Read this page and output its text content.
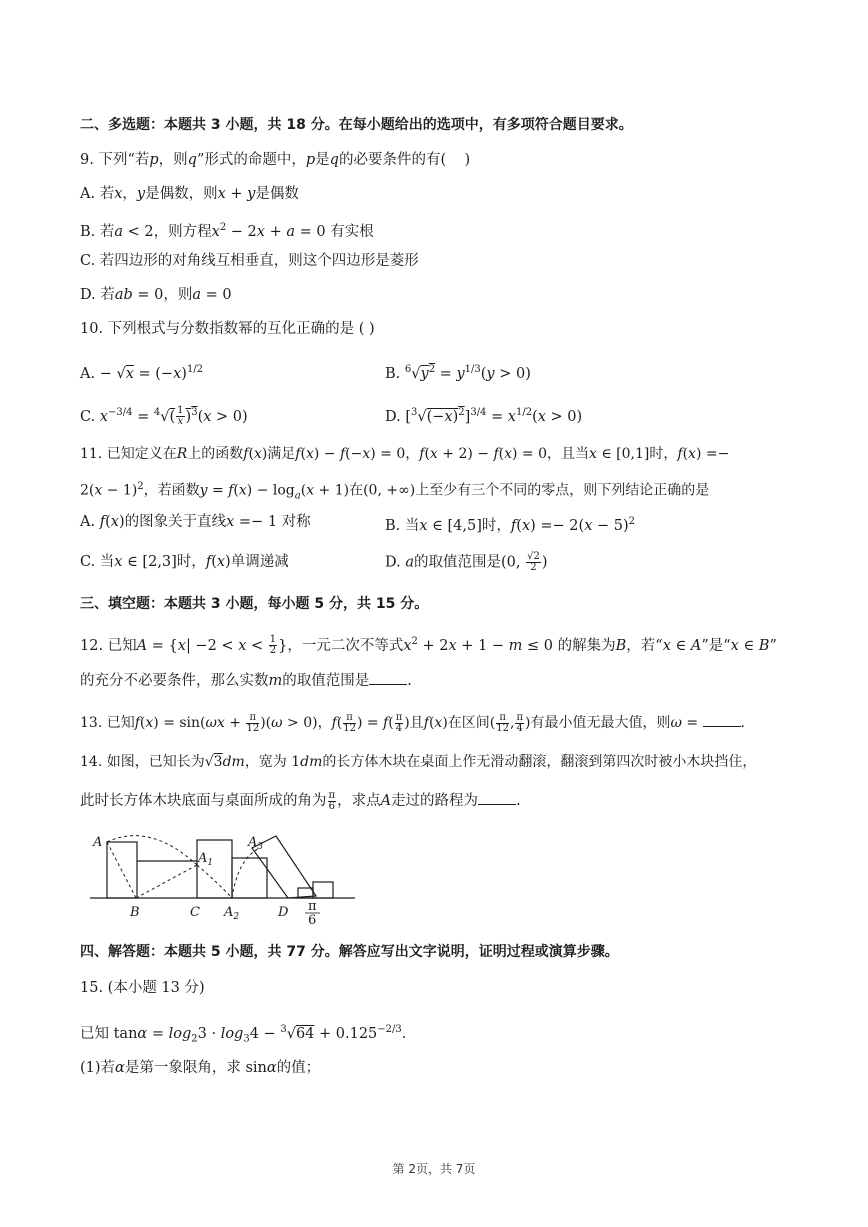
二、多选题：本题共 3 小题，共 18 分。在每小题给出的选项中，有多项符合题目要求。
9. 下列“若p，则q”形式的命题中，p是q的必要条件的有(    )
A. 若x，y是偶数，则x + y是偶数
B. 若a < 2，则方程$x^2 - 2x + a = 0$ 有实根
C. 若四边形的对角线互相垂直，则这个四边形是菱形
D. 若ab = 0，则a = 0
10. 下列根式与分数指数幂的互化正确的是 ( )
A. − $√x = (-x)^{1/2}$	B. $^6√y^2 = y^{1/3}(y > 0)$
C. $x^{-3/4} = ^4√( \frac{1}{x} )^3(x > 0)$	D. $[^3√(-x)^2]^{3/4} = x^{1/2}(x > 0)$
11. 已知定义在R上的函数f(x)满足f(x) − f(−x) = 0，f(x + 2) − f(x) = 0，且当x ∈ [0,1]时，f(x) =−
$2(x - 1)^2$，若函数$y = f(x) - \log_a(x + 1)$在(0, +∞)上至少有三个不同的零点，则下列结论正确的是
A. f(x)的图象关于直线x =− 1 对称	B. 当x ∈ [4,5]时，$f(x) =- 2(x - 5)^2$
C. 当x ∈ [2,3]时，f(x)单调递减	D. a的取值范围是(0, $\frac{√2}{2}$ )
三、填空题：本题共 3 小题，每小题 5 分，共 15 分。
12. 已知$A = \{x| -2 < x < \frac{1}{2}$ }，一元二次不等式$x^2 + 2x + 1 - m \le 0$ 的解集为B，若“x ∈ A”是“x ∈ B”
的充分不必要条件，那么实数m的取值范围是	.
13. 已知$f(x) = \sin(\omega x + \frac{\pi}{12} )(\omega > 0)$，$f( \frac{\pi}{12}$ ) = $f( \frac{\pi}{4}$ )且f(x)在区间( $\frac{\pi}{12}$ , $\frac{\pi}{4}$ )有最小值无最大值，则ω =	.
14. 如图，已知长为√3dm，宽为 1dm的长方体木块在桌面上作无滑动翻滚，翻滚到第四次时被小木块挡住，
此时长方体木块底面与桌面所成的角为 $\frac{\pi}{6}$ ，求点A走过的路程为	.
A
$A_1$
$A_3$
B	C $A_2$	D π
6
四、解答题：本题共 5 小题，共 77 分。解答应写出文字说明，证明过程或演算步骤。
15. (本小题 13 分)
已知 $\tan\alpha = \log_23 \cdot \log_34 - ^3√64 + 0.125^{-2/3}$.
(1)若α是第一象限角，求 sinα的值；
第 2页，共 7页
